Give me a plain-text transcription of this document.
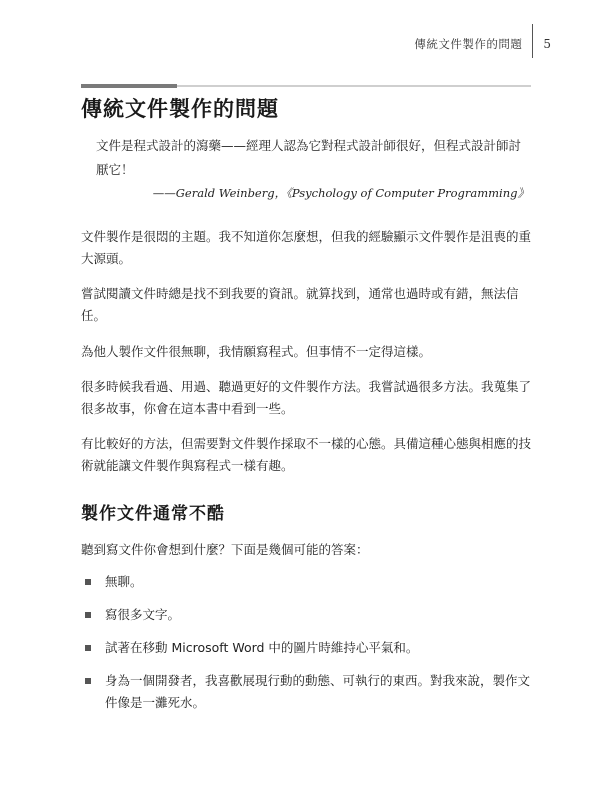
傳統文件製作的問題	5
傳統文件製作的問題
文件是程式設計的瀉藥——經理人認為它對程式設計師很好，但程式設計師討厭它！
——Gerald Weinberg，《Psychology of Computer Programming》

文件製作是很悶的主題。我不知道你怎麼想，但我的經驗顯示文件製作是沮喪的重大源頭。

嘗試閱讀文件時總是找不到我要的資訊。就算找到，通常也過時或有錯，無法信任。

為他人製作文件很無聊，我情願寫程式。但事情不一定得這樣。

很多時候我看過、用過、聽過更好的文件製作方法。我嘗試過很多方法。我蒐集了很多故事，你會在這本書中看到一些。

有比較好的方法，但需要對文件製作採取不一樣的心態。具備這種心態與相應的技術就能讓文件製作與寫程式一樣有趣。

製作文件通常不酷

聽到寫文件你會想到什麼？下面是幾個可能的答案：

無聊。
寫很多文字。
試著在移動 Microsoft Word 中的圖片時維持心平氣和。
身為一個開發者，我喜歡展現行動的動態、可執行的東西。對我來說，製作文件像是一灘死水。
